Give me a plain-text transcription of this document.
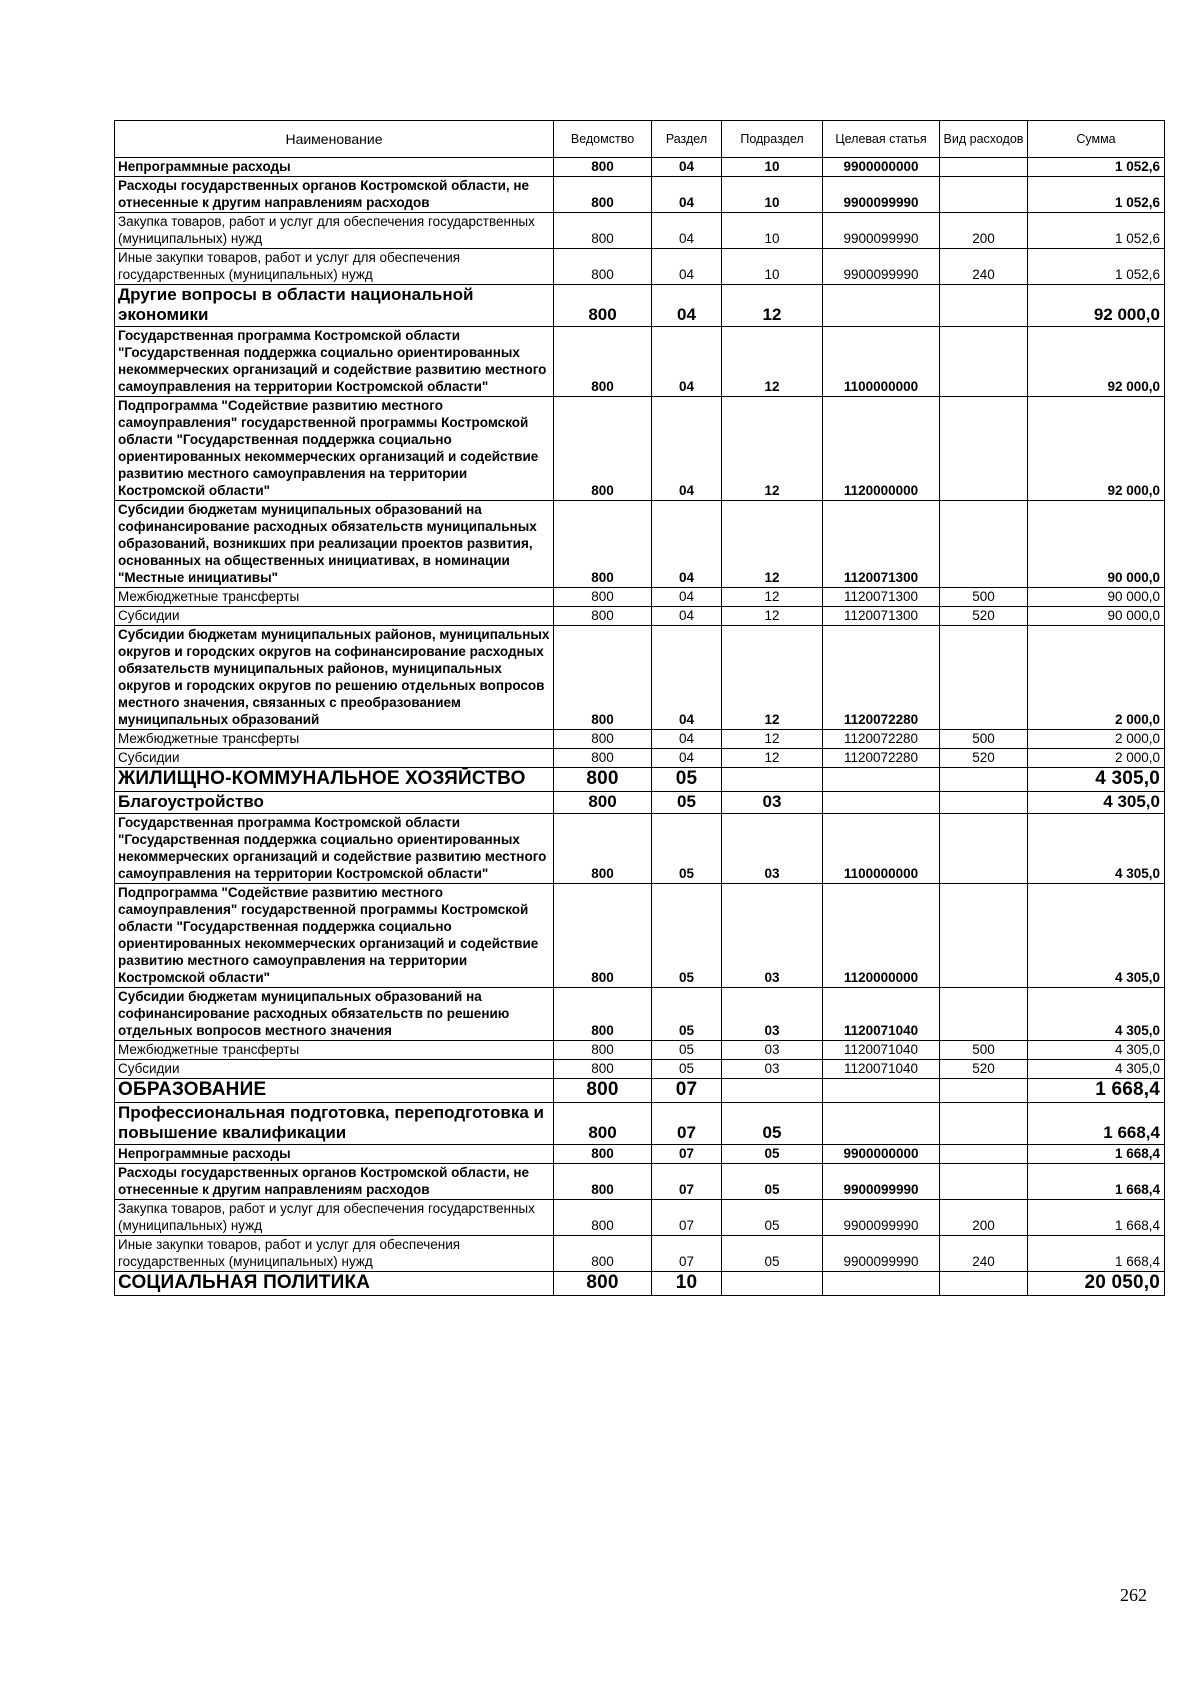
Наименование	Ведомство	Раздел	Подраздел	Целевая статья	Вид расходов	Сумма
Непрограммные расходы	800	04	10	9900000000		1 052,6
Расходы государственных органов Костромской области, не отнесенные к другим направлениям расходов	800	04	10	9900099990		1 052,6
Закупка товаров, работ и услуг для обеспечения государственных (муниципальных) нужд	800	04	10	9900099990	200	1 052,6
Иные закупки товаров, работ и услуг для обеспечения государственных (муниципальных) нужд	800	04	10	9900099990	240	1 052,6
Другие вопросы в области национальной экономики	800	04	12			92 000,0
Государственная программа Костромской области "Государственная поддержка социально ориентированных некоммерческих организаций и содействие развитию местного самоуправления на территории Костромской области"	800	04	12	1100000000		92 000,0
Подпрограмма "Содействие развитию местного самоуправления" государственной программы Костромской области "Государственная поддержка социально ориентированных некоммерческих организаций и содействие развитию местного самоуправления на территории Костромской области"	800	04	12	1120000000		92 000,0
Субсидии бюджетам муниципальных образований на софинансирование расходных обязательств муниципальных образований, возникших при реализации проектов развития, основанных на общественных инициативах, в номинации "Местные инициативы"	800	04	12	1120071300		90 000,0
Межбюджетные трансферты	800	04	12	1120071300	500	90 000,0
Субсидии	800	04	12	1120071300	520	90 000,0
Субсидии бюджетам муниципальных районов, муниципальных округов и городских округов на софинансирование расходных обязательств муниципальных районов, муниципальных округов и городских округов по решению отдельных вопросов местного значения, связанных с преобразованием муниципальных образований	800	04	12	1120072280		2 000,0
Межбюджетные трансферты	800	04	12	1120072280	500	2 000,0
Субсидии	800	04	12	1120072280	520	2 000,0
ЖИЛИЩНО-КОММУНАЛЬНОЕ ХОЗЯЙСТВО	800	05				4 305,0
Благоустройство	800	05	03			4 305,0
Государственная программа Костромской области "Государственная поддержка социально ориентированных некоммерческих организаций и содействие развитию местного самоуправления на территории Костромской области"	800	05	03	1100000000		4 305,0
Подпрограмма "Содействие развитию местного самоуправления" государственной программы Костромской области "Государственная поддержка социально ориентированных некоммерческих организаций и содействие развитию местного самоуправления на территории Костромской области"	800	05	03	1120000000		4 305,0
Субсидии бюджетам муниципальных образований на софинансирование расходных обязательств по решению отдельных вопросов местного значения	800	05	03	1120071040		4 305,0
Межбюджетные трансферты	800	05	03	1120071040	500	4 305,0
Субсидии	800	05	03	1120071040	520	4 305,0
ОБРАЗОВАНИЕ	800	07				1 668,4
Профессиональная подготовка, переподготовка и повышение квалификации	800	07	05			1 668,4
Непрограммные расходы	800	07	05	9900000000		1 668,4
Расходы государственных органов Костромской области, не отнесенные к другим направлениям расходов	800	07	05	9900099990		1 668,4
Закупка товаров, работ и услуг для обеспечения государственных (муниципальных) нужд	800	07	05	9900099990	200	1 668,4
Иные закупки товаров, работ и услуг для обеспечения государственных (муниципальных) нужд	800	07	05	9900099990	240	1 668,4
СОЦИАЛЬНАЯ ПОЛИТИКА	800	10				20 050,0
262
